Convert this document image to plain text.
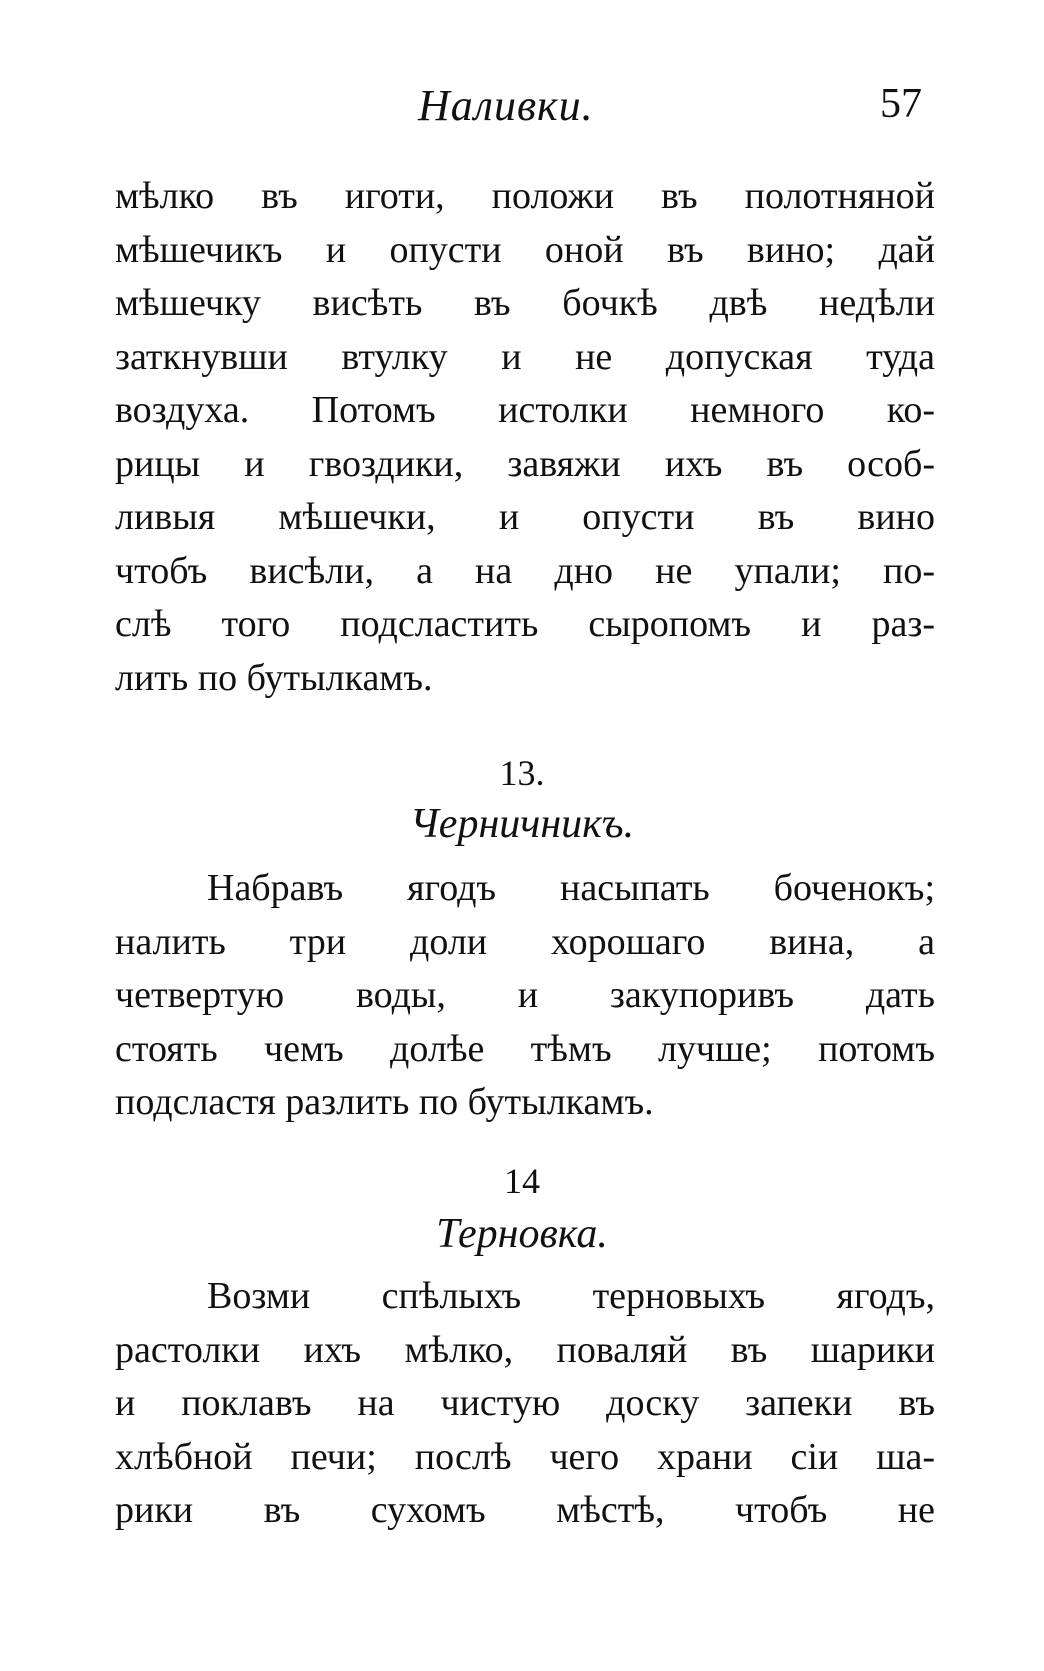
Наливки.	57
мѣлко въ иготи, положи въ полотняной
мѣшечикъ и опусти оной въ вино; дай
мѣшечку висѣть въ бочкѣ двѣ недѣли
заткнувши втулку и не допуская туда
воздуха. Потомъ истолки немного ко-
рицы и гвоздики, завяжи ихъ въ особ-
ливыя мѣшечки, и опусти въ вино
чтобъ висѣли, а на дно не упали; по-
слѣ того подсластить сыропомъ и раз-
лить по бутылкамъ.
13.
Черничникъ.
Набравъ ягодъ насыпать боченокъ;
налить три доли хорошаго вина, а
четвертую воды, и закупоривъ дать
стоять чемъ долѣе тѣмъ лучше; потомъ
подсластя разлить по бутылкамъ.
14
Терновка.
Возми спѣлыхъ терновыхъ ягодъ,
растолки ихъ мѣлко, поваляй въ шарики
и поклавъ на чистую доску запеки въ
хлѣбной печи; послѣ чего храни сіи ша-
рики въ сухомъ мѣстѣ, чтобъ не
